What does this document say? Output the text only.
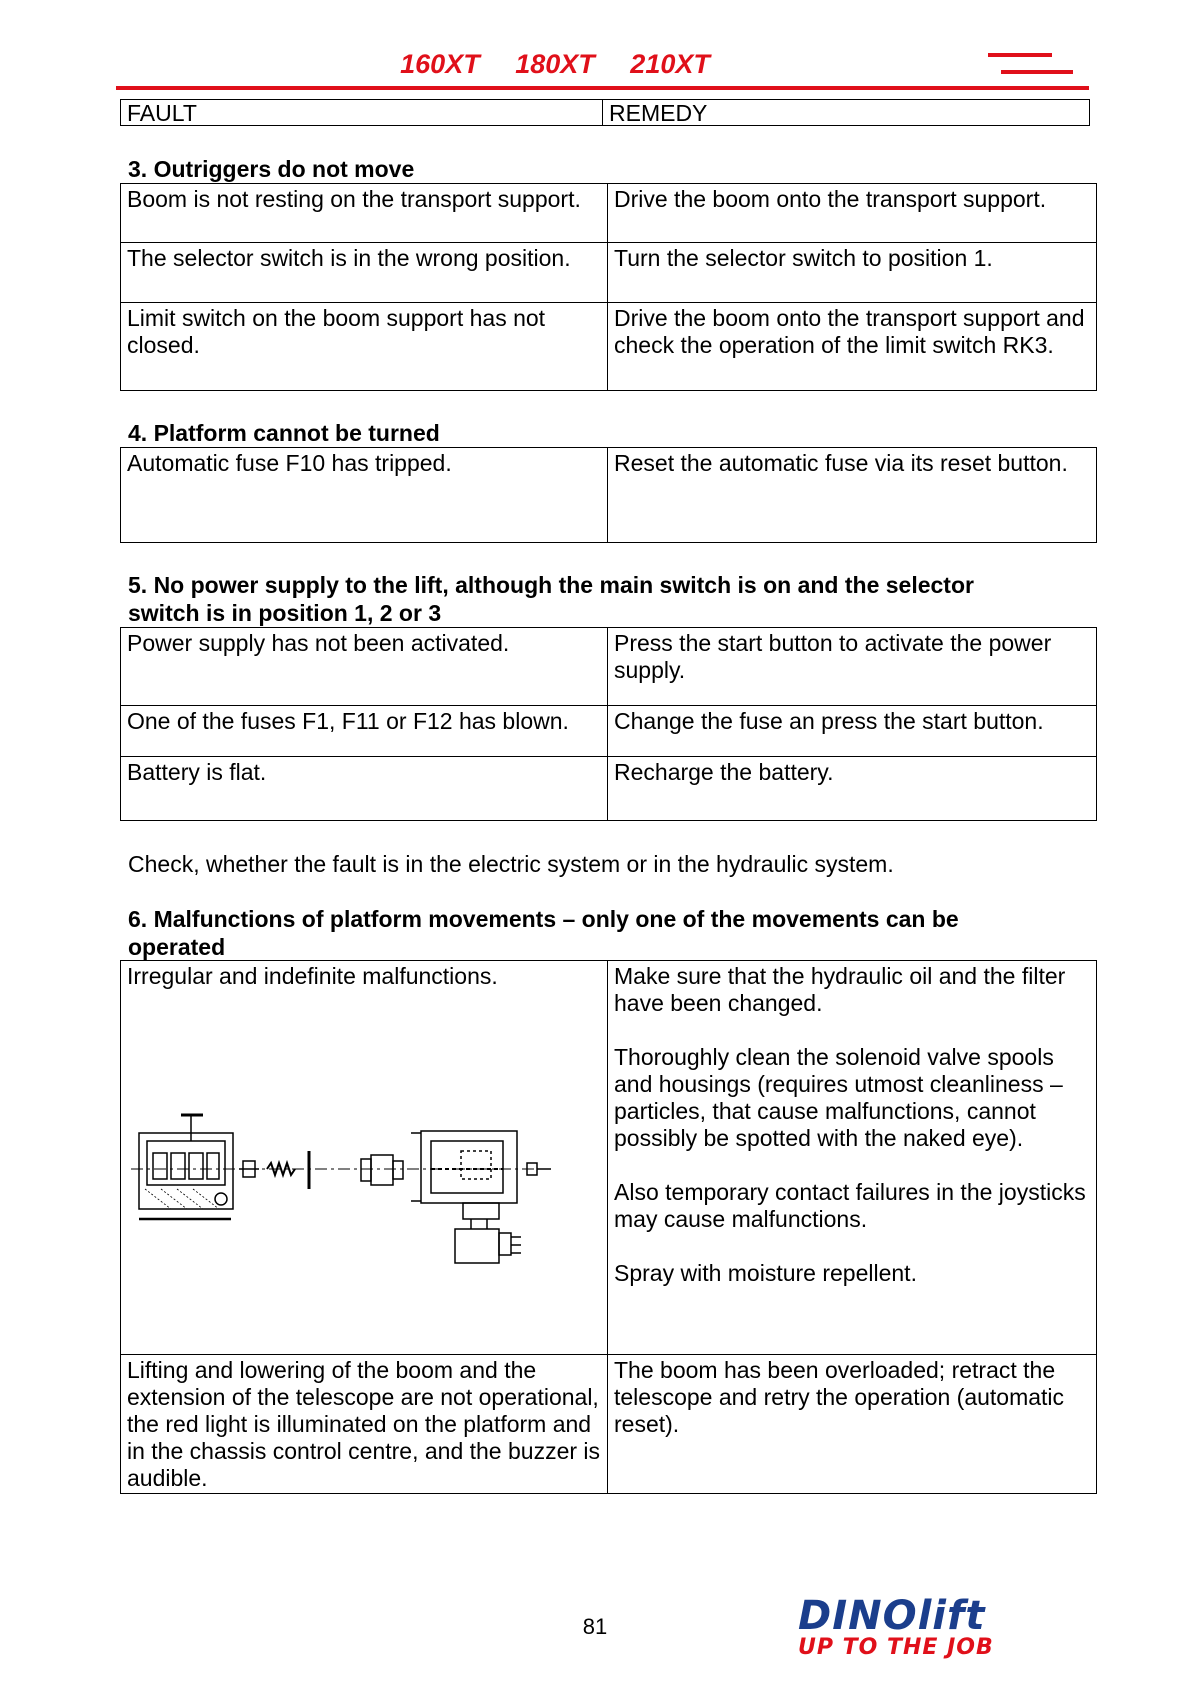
160XT 180XT 210XT
FAULT	REMEDY
3. Outriggers do not move
Boom is not resting on the transport support.	Drive the boom onto the transport support.
The selector switch is in the wrong position.	Turn the selector switch to position 1.
Limit switch on the boom support has not closed.	Drive the boom onto the transport support and check the operation of the limit switch RK3.
4. Platform cannot be turned
Automatic fuse F10 has tripped.	Reset the automatic fuse via its reset button.
5. No power supply to the lift, although the main switch is on and the selector switch is in position 1, 2 or 3
Power supply has not been activated.	Press the start button to activate the power supply.
One of the fuses F1, F11 or F12 has blown.	Change the fuse an press the start button.
Battery is flat.	Recharge the battery.
Check, whether the fault is in the electric system or in the hydraulic system.
6. Malfunctions of platform movements – only one of the movements can be operated
Irregular and indefinite malfunctions.	Make sure that the hydraulic oil and the filter have been changed.
Thoroughly clean the solenoid valve spools and housings (requires utmost cleanliness – particles, that cause malfunctions, cannot possibly be spotted with the naked eye).
Also temporary contact failures in the joysticks may cause malfunctions.
Spray with moisture repellent.

Lifting and lowering of the boom and the extension of the telescope are not operational, the red light is illuminated on the platform and in the chassis control centre, and the buzzer is audible.	The boom has been overloaded; retract the telescope and retry the operation (automatic reset).
81	DINOlift
UP TO THE JOB
